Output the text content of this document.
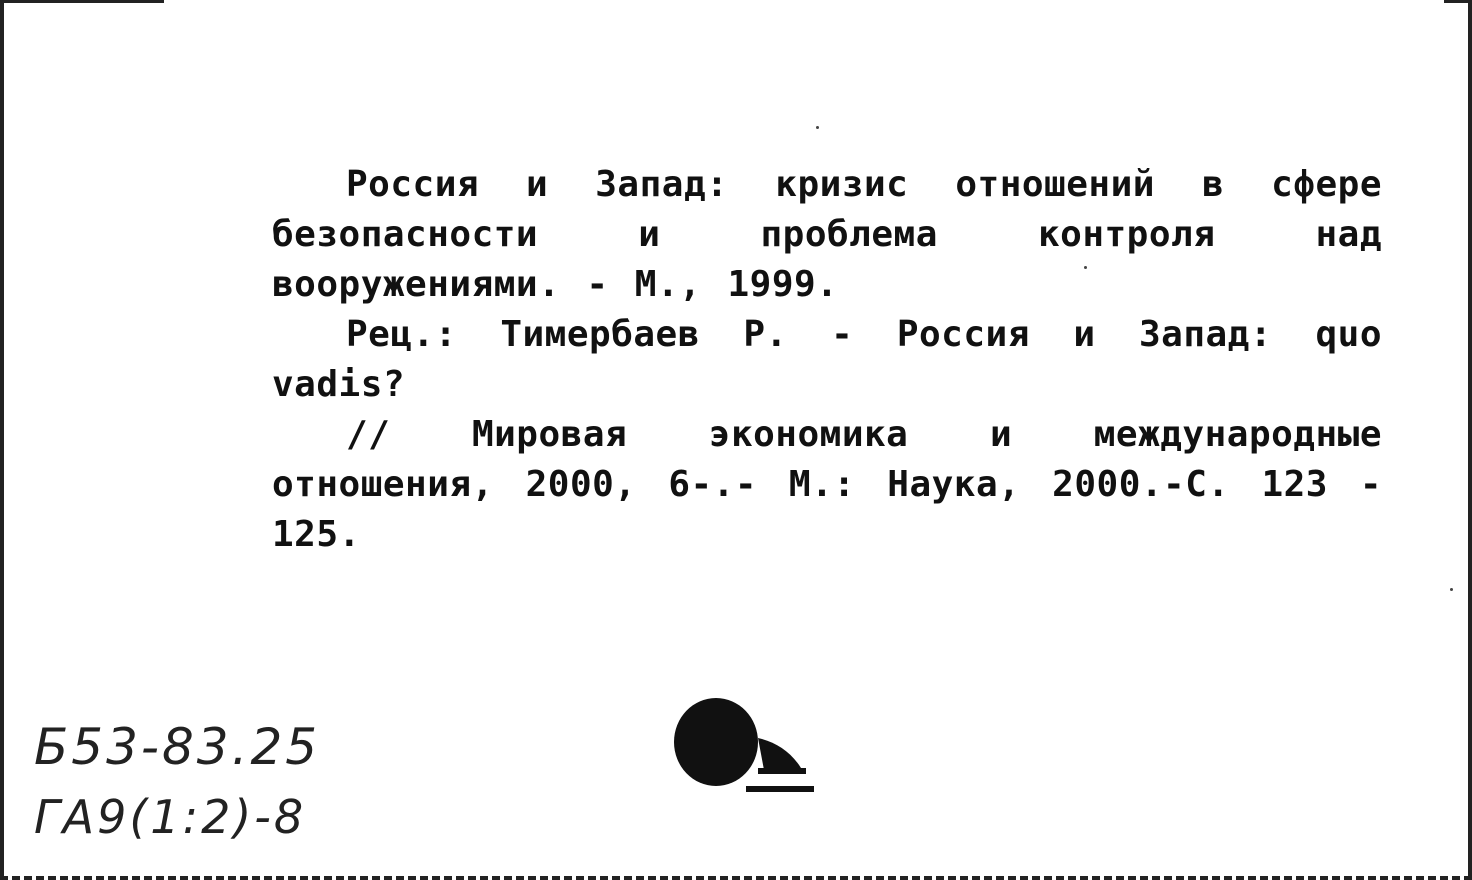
Россия и Запад: кризис отношений в сфере безопасности и проблема контроля над вооружениями. - М., 1999.

Рец.: Тимербаев Р. - Россия и Запад: quo vadis?

// Мировая экономика и международные отношения, 2000, 6-.- М.: Наука, 2000.-С. 123 - 125.

Б53-83.25
ГА9(1:2)-8
